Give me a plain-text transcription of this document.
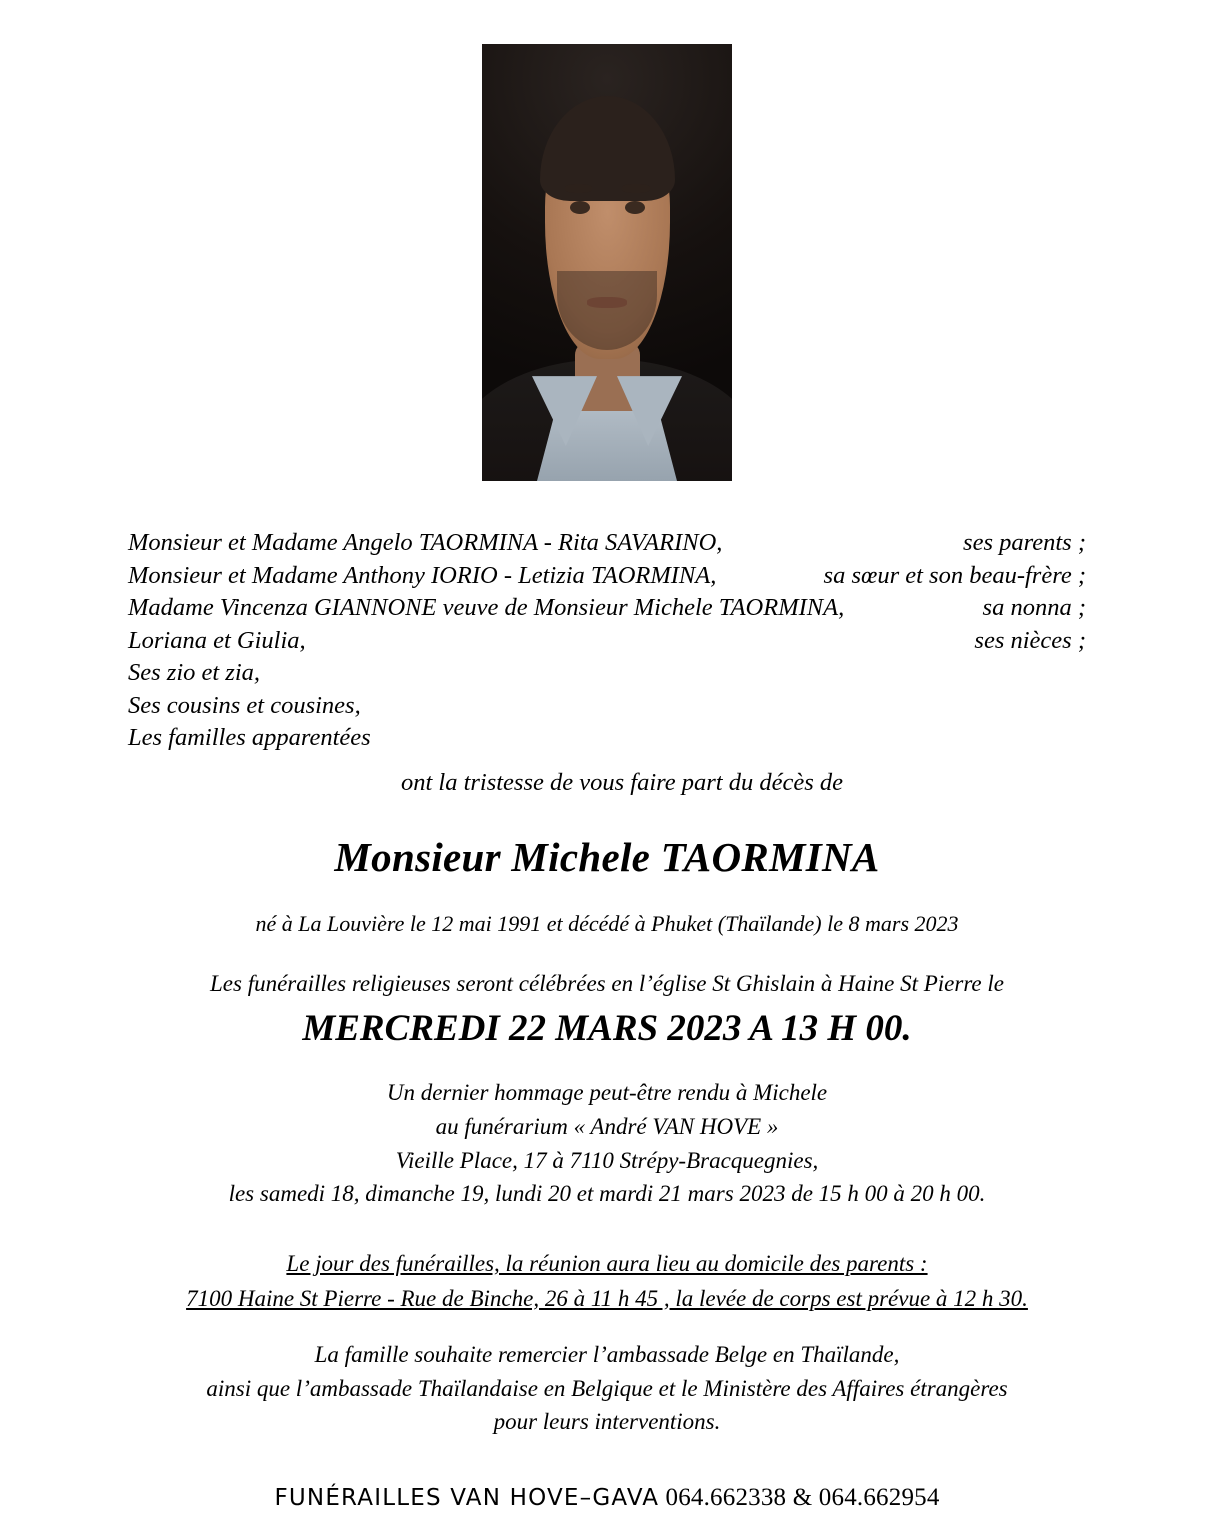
Monsieur et Madame Angelo TAORMINA - Rita SAVARINO,	ses parents ;
Monsieur et Madame Anthony IORIO - Letizia TAORMINA,	sa sœur et son beau-frère ;
Madame Vincenza GIANNONE veuve de Monsieur Michele TAORMINA,	sa nonna ;
Loriana et Giulia,	ses nièces ;
Ses zio et zia,
Ses cousins et cousines,
Les familles apparentées
ont la tristesse de vous faire part du décès de
Monsieur Michele TAORMINA
né à La Louvière le 12 mai 1991 et décédé à Phuket (Thaïlande) le 8 mars 2023
Les funérailles religieuses seront célébrées en l’église St Ghislain à Haine St Pierre le
MERCREDI 22 MARS 2023 A 13 H 00.
Un dernier hommage peut-être rendu à Michele
au funérarium « André VAN HOVE »
Vieille Place, 17 à 7110 Strépy-Bracquegnies,
les samedi 18, dimanche 19, lundi 20 et mardi 21 mars 2023 de 15 h 00 à 20 h 00.
Le jour des funérailles, la réunion aura lieu au domicile des parents :
7100 Haine St Pierre - Rue de Binche, 26 à 11 h 45 , la levée de corps est prévue à 12 h 30.
La famille souhaite remercier l’ambassade Belge en Thaïlande,
ainsi que l’ambassade Thaïlandaise en Belgique et le Ministère des Affaires étrangères
pour leurs interventions.
FUNÉRAILLES VAN HOVE–GAVA 064.662338 & 064.662954
